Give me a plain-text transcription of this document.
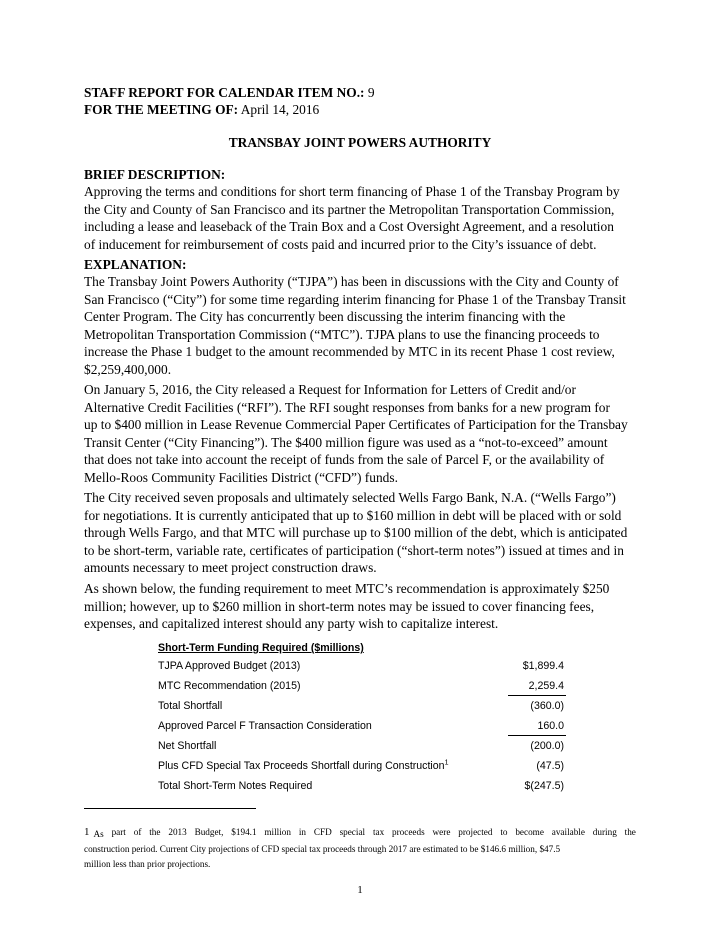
STAFF REPORT FOR CALENDAR ITEM NO.: 9
FOR THE MEETING OF: April 14, 2016
TRANSBAY JOINT POWERS AUTHORITY
BRIEF DESCRIPTION:
Approving the terms and conditions for short term financing of Phase 1 of the Transbay Program by
the City and County of San Francisco and its partner the Metropolitan Transportation Commission,
including a lease and leaseback of the Train Box and a Cost Oversight Agreement, and a resolution
of inducement for reimbursement of costs paid and incurred prior to the City’s issuance of debt.
EXPLANATION:
The Transbay Joint Powers Authority (“TJPA”) has been in discussions with the City and County of
San Francisco (“City”) for some time regarding interim financing for Phase 1 of the Transbay Transit
Center Program. The City has concurrently been discussing the interim financing with the
Metropolitan Transportation Commission (“MTC”). TJPA plans to use the financing proceeds to
increase the Phase 1 budget to the amount recommended by MTC in its recent Phase 1 cost review,
$2,259,400,000.
On January 5, 2016, the City released a Request for Information for Letters of Credit and/or
Alternative Credit Facilities (“RFI”). The RFI sought responses from banks for a new program for
up to $400 million in Lease Revenue Commercial Paper Certificates of Participation for the Transbay
Transit Center (“City Financing”). The $400 million figure was used as a “not-to-exceed” amount
that does not take into account the receipt of funds from the sale of Parcel F, or the availability of
Mello-Roos Community Facilities District (“CFD”) funds.
The City received seven proposals and ultimately selected Wells Fargo Bank, N.A. (“Wells Fargo”)
for negotiations. It is currently anticipated that up to $160 million in debt will be placed with or sold
through Wells Fargo, and that MTC will purchase up to $100 million of the debt, which is anticipated
to be short-term, variable rate, certificates of participation (“short-term notes”) issued at times and in
amounts necessary to meet project construction draws.
As shown below, the funding requirement to meet MTC’s recommendation is approximately $250
million; however, up to $260 million in short-term notes may be issued to cover financing fees,
expenses, and capitalized interest should any party wish to capitalize interest.
Short-Term Funding Required ($millions)
TJPA Approved Budget (2013)	$1,899.4
MTC Recommendation (2015)	2,259.4
Total Shortfall	(360.0)
Approved Parcel F Transaction Consideration	160.0
Net Shortfall	(200.0)
Plus CFD Special Tax Proceeds Shortfall during Construction$^1$	(47.5)
Total Short-Term Notes Required	$(247.5)
1 As part of the 2013 Budget, $194.1 million in CFD special tax proceeds were projected to become available during the
construction period. Current City projections of CFD special tax proceeds through 2017 are estimated to be $146.6 million, $47.5
million less than prior projections.
1
